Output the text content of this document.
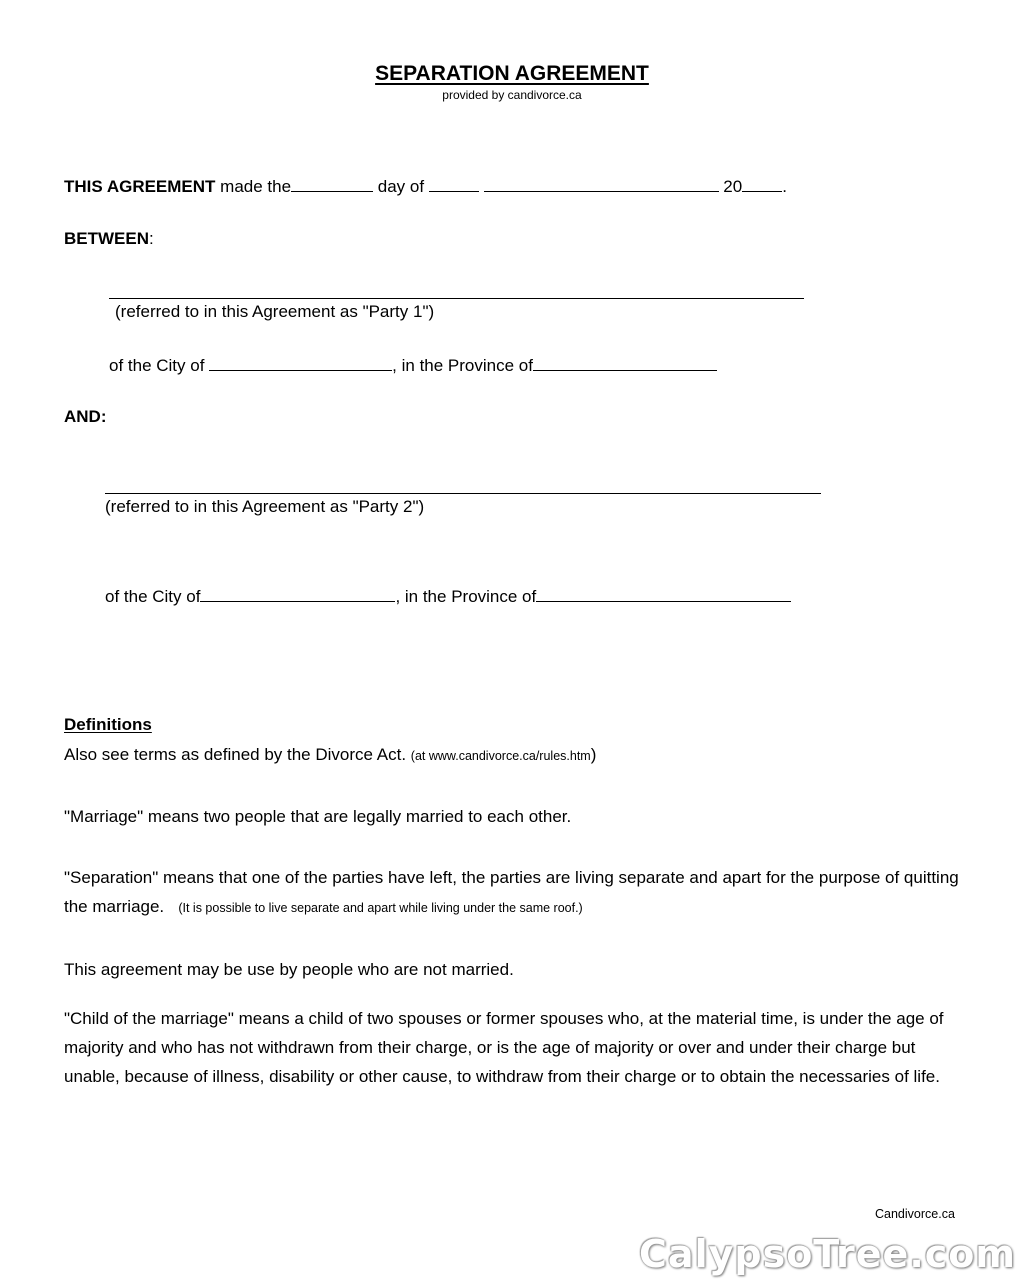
SEPARATION AGREEMENT
provided by candivorce.ca
THIS AGREEMENT made the	day of	20 .
BETWEEN:
(referred to in this Agreement as "Party 1")
of the City of	, in the Province of
AND:
(referred to in this Agreement as "Party 2")
of the City of	, in the Province of
Definitions
Also see terms as defined by the Divorce Act. (at www.candivorce.ca/rules.htm)
"Marriage" means two people that are legally married to each other.
"Separation" means that one of the parties have left, the parties are living separate and apart for the purpose of quitting the marriage. (It is possible to live separate and apart while living under the same roof.)
This agreement may be use by people who are not married.
"Child of the marriage" means a child of two spouses or former spouses who, at the material time, is under the age of majority and who has not withdrawn from their charge, or is the age of majority or over and under their charge but unable, because of illness, disability or other cause, to withdraw from their charge or to obtain the necessaries of life.
Candivorce.ca
CalypsoTree.com
